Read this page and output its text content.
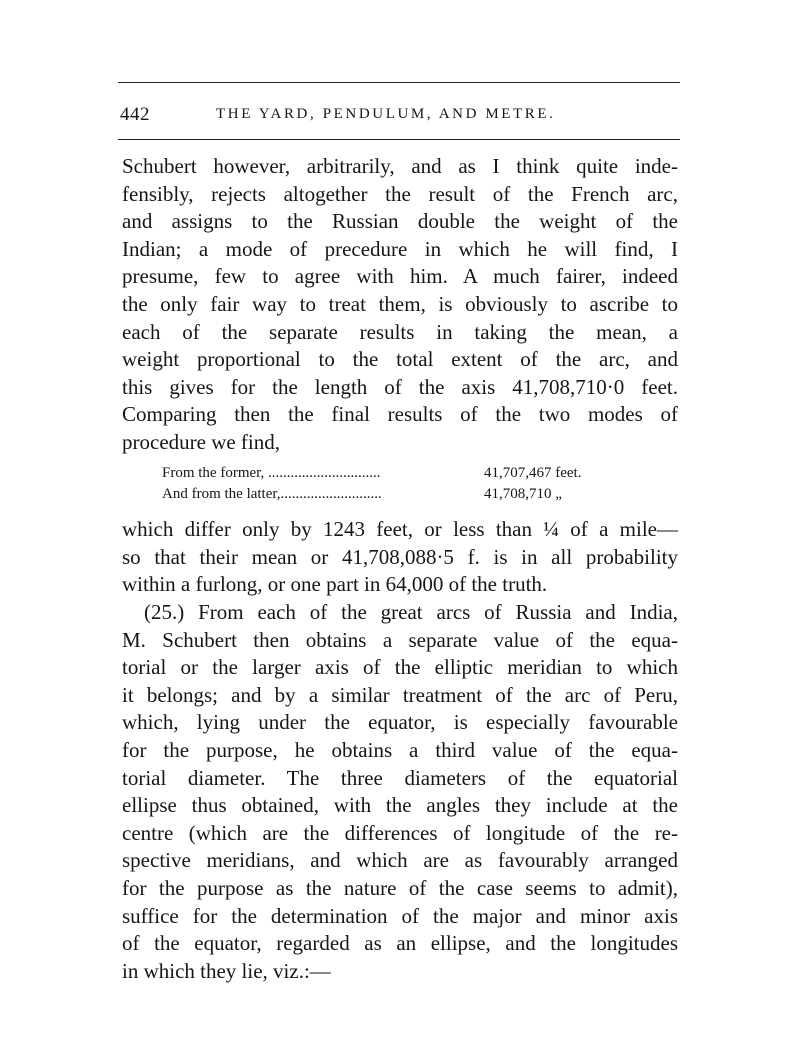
442	THE YARD, PENDULUM, AND METRE.
Schubert however, arbitrarily, and as I think quite inde-
fensibly, rejects altogether the result of the French arc,
and assigns to the Russian double the weight of the
Indian; a mode of precedure in which he will find, I
presume, few to agree with him. A much fairer, indeed
the only fair way to treat them, is obviously to ascribe to
each of the separate results in taking the mean, a
weight proportional to the total extent of the arc, and
this gives for the length of the axis 41,708,710·0 feet.
Comparing then the final results of the two modes of
procedure we find,
From the former, ..............................	41,707,467 feet.
And from the latter,...........................	41,708,710 „
which differ only by 1243 feet, or less than ¼ of a mile—
so that their mean or 41,708,088·5 f. is in all probability
within a furlong, or one part in 64,000 of the truth.
(25.) From each of the great arcs of Russia and India,
M. Schubert then obtains a separate value of the equa-
torial or the larger axis of the elliptic meridian to which
it belongs; and by a similar treatment of the arc of Peru,
which, lying under the equator, is especially favourable
for the purpose, he obtains a third value of the equa-
torial diameter. The three diameters of the equatorial
ellipse thus obtained, with the angles they include at the
centre (which are the differences of longitude of the re-
spective meridians, and which are as favourably arranged
for the purpose as the nature of the case seems to admit),
suffice for the determination of the major and minor axis
of the equator, regarded as an ellipse, and the longitudes
in which they lie, viz.:—
